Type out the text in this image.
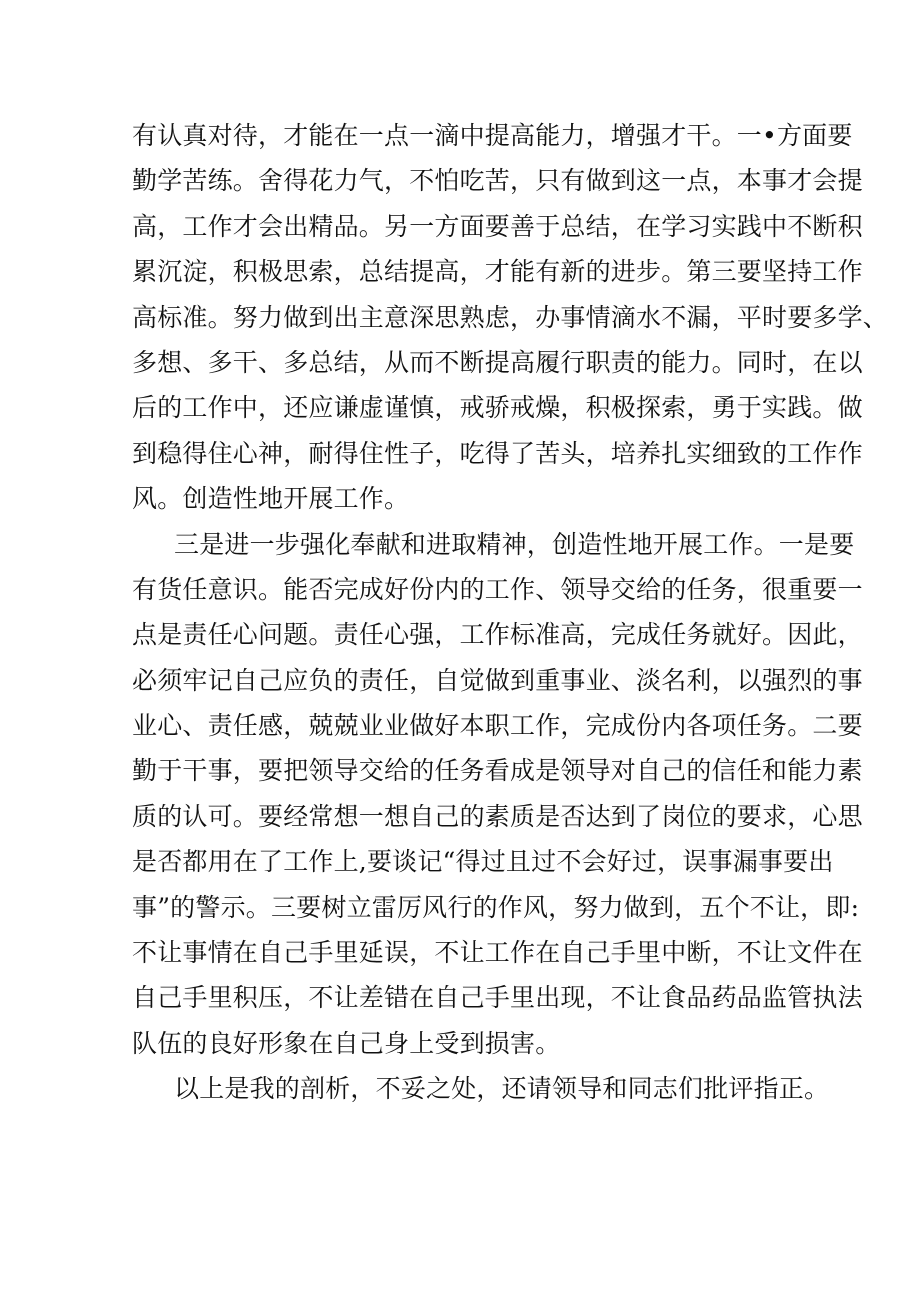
有认真对待，才能在一点一滴中提高能力，增强才干。一•方面要
勤学苦练。舍得花力气，不怕吃苦，只有做到这一点，本事才会提
高，工作才会出精品。另一方面要善于总结，在学习实践中不断积
累沉淀，积极思索，总结提高，才能有新的进步。第三要坚持工作
高标准。努力做到出主意深思熟虑，办事情滴水不漏，平时要多学、
多想、多干、多总结，从而不断提高履行职责的能力。同时，在以
后的工作中，还应谦虚谨慎，戒骄戒燥，积极探索，勇于实践。做
到稳得住心神，耐得住性子，吃得了苦头，培养扎实细致的工作作
风。创造性地开展工作。
三是进一步强化奉献和进取精神，创造性地开展工作。一是要
有货任意识。能否完成好份内的工作、领导交给的任务，很重要一
点是责任心问题。责任心强，工作标准高，完成任务就好。因此，
必须牢记自己应负的责任，自觉做到重事业、淡名利，以强烈的事
业心、责任感，兢兢业业做好本职工作，完成份内各项任务。二要
勤于干事，要把领导交给的任务看成是领导对自己的信任和能力素
质的认可。要经常想一想自己的素质是否达到了岗位的要求，心思
是否都用在了工作上,要谈记“得过且过不会好过，误事漏事要出
事”的警示。三要树立雷厉风行的作风，努力做到，五个不让，即:
不让事情在自己手里延误，不让工作在自己手里中断，不让文件在
自己手里积压，不让差错在自己手里出现，不让食品药品监管执法
队伍的良好形象在自己身上受到损害。
以上是我的剖析，不妥之处，还请领导和同志们批评指正。
